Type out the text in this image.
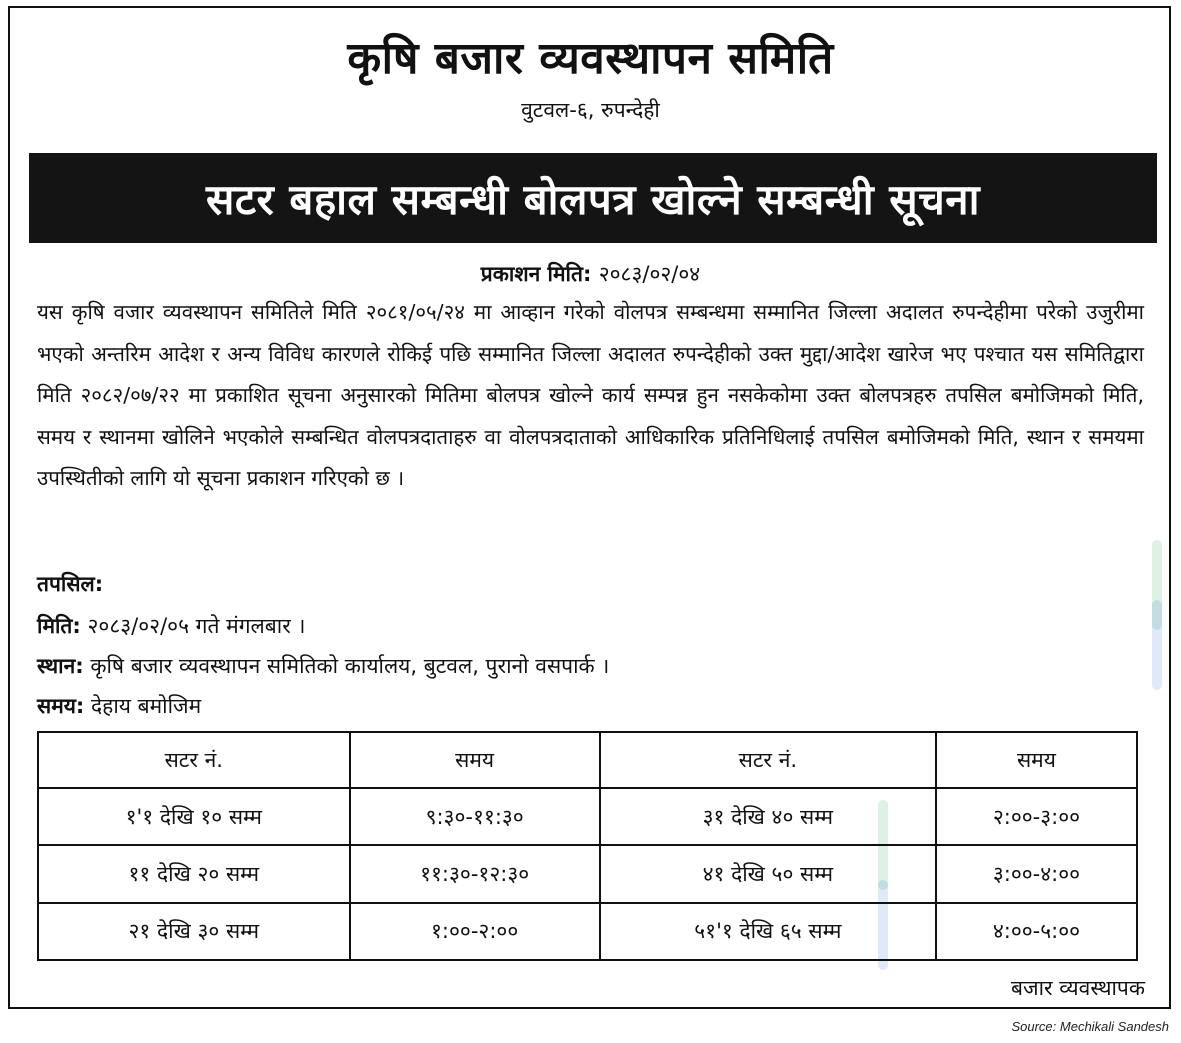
कृषि बजार व्यवस्थापन समिति
वुटवल-६, रुपन्देही
सटर बहाल सम्बन्धी बोलपत्र खोल्ने सम्बन्धी सूचना
प्रकाशन मिति: २०८३/०२/०४
यस कृषि वजार व्यवस्थापन समितिले मिति २०८१/०५/२४ मा आव्हान गरेको वोलपत्र सम्बन्धमा सम्मानित जिल्ला अदालत रुपन्देहीमा परेको उजुरीमा भएको अन्तरिम आदेश र अन्य विविध कारणले रोकिई पछि सम्मानित जिल्ला अदालत रुपन्देहीको उक्त मुद्दा/आदेश खारेज भए पश्चात यस समितिद्वारा मिति २०८२/०७/२२ मा प्रकाशित सूचना अनुसारको मितिमा बोलपत्र खोल्ने कार्य सम्पन्न हुन नसकेकोमा उक्त बोलपत्रहरु तपसिल बमोजिमको मिति, समय र स्थानमा खोलिने भएकोले सम्बन्धित वोलपत्रदाताहरु वा वोलपत्रदाताको आधिकारिक प्रतिनिधिलाई तपसिल बमोजिमको मिति, स्थान र समयमा उपस्थितीको लागि यो सूचना प्रकाशन गरिएको छ ।
तपसिल:
मिति: २०८३/०२/०५ गते मंगलबार ।
स्थान: कृषि बजार व्यवस्थापन समितिको कार्यालय, बुटवल, पुरानो वसपार्क ।
समय: देहाय बमोजिम
सटर नं.	समय	सटर नं.	समय
१'१ देखि १० सम्म	९:३०-११:३०	३१ देखि ४० सम्म	२:००-३:००
११ देखि २० सम्म	११:३०-१२:३०	४१ देखि ५० सम्म	३:००-४:००
२१ देखि ३० सम्म	१:००-२:००	५१'१ देखि ६५ सम्म	४:००-५:००
बजार व्यवस्थापक
Source: Mechikali Sandesh
